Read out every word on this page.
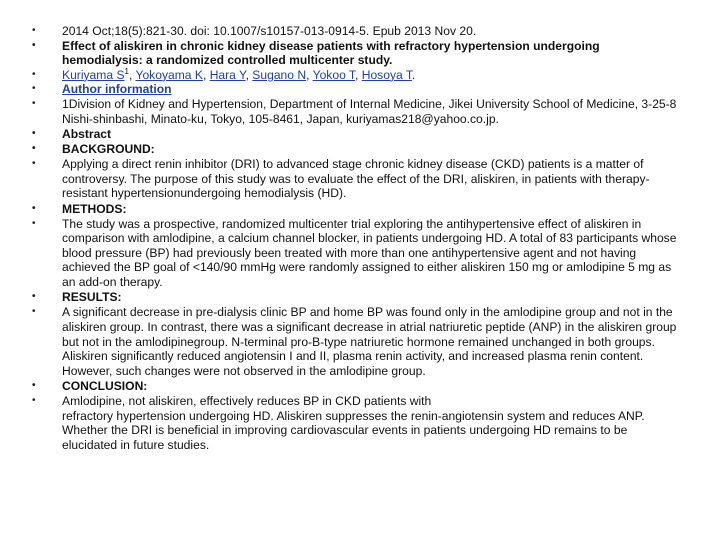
• 2014 Oct;18(5):821-30. doi: 10.1007/s10157-013-0914-5. Epub 2013 Nov 20.
• Effect of aliskiren in chronic kidney disease patients with refractory hypertension undergoing hemodialysis: a randomized controlled multicenter study.
• Kuriyama $S^1$, Yokoyama K, Hara Y, Sugano N, Yokoo T, Hosoya T.
• Author information
• 1Division of Kidney and Hypertension, Department of Internal Medicine, Jikei University School of Medicine, 3-25-8 Nishi-shinbashi, Minato-ku, Tokyo, 105-8461, Japan, kuriyamas218@yahoo.co.jp.
• Abstract
• BACKGROUND:
• Applying a direct renin inhibitor (DRI) to advanced stage chronic kidney disease (CKD) patients is a matter of controversy. The purpose of this study was to evaluate the effect of the DRI, aliskiren, in patients with therapy-resistant hypertensionundergoing hemodialysis (HD).
• METHODS:
• The study was a prospective, randomized multicenter trial exploring the antihypertensive effect of aliskiren in comparison with amlodipine, a calcium channel blocker, in patients undergoing HD. A total of 83 participants whose blood pressure (BP) had previously been treated with more than one antihypertensive agent and not having achieved the BP goal of <140/90 mmHg were randomly assigned to either aliskiren 150 mg or amlodipine 5 mg as an add-on therapy.
• RESULTS:
• A significant decrease in pre-dialysis clinic BP and home BP was found only in the amlodipine group and not in the aliskiren group. In contrast, there was a significant decrease in atrial natriuretic peptide (ANP) in the aliskiren group but not in the amlodipinegroup. N-terminal pro-B-type natriuretic hormone remained unchanged in both groups. Aliskiren significantly reduced angiotensin I and II, plasma renin activity, and increased plasma renin content. However, such changes were not observed in the amlodipine group.
• CONCLUSION:
• Amlodipine, not aliskiren, effectively reduces BP in CKD patients with
refractory hypertension undergoing HD. Aliskiren suppresses the renin-angiotensin system and reduces ANP. Whether the DRI is beneficial in improving cardiovascular events in patients undergoing HD remains to be elucidated in future studies.
